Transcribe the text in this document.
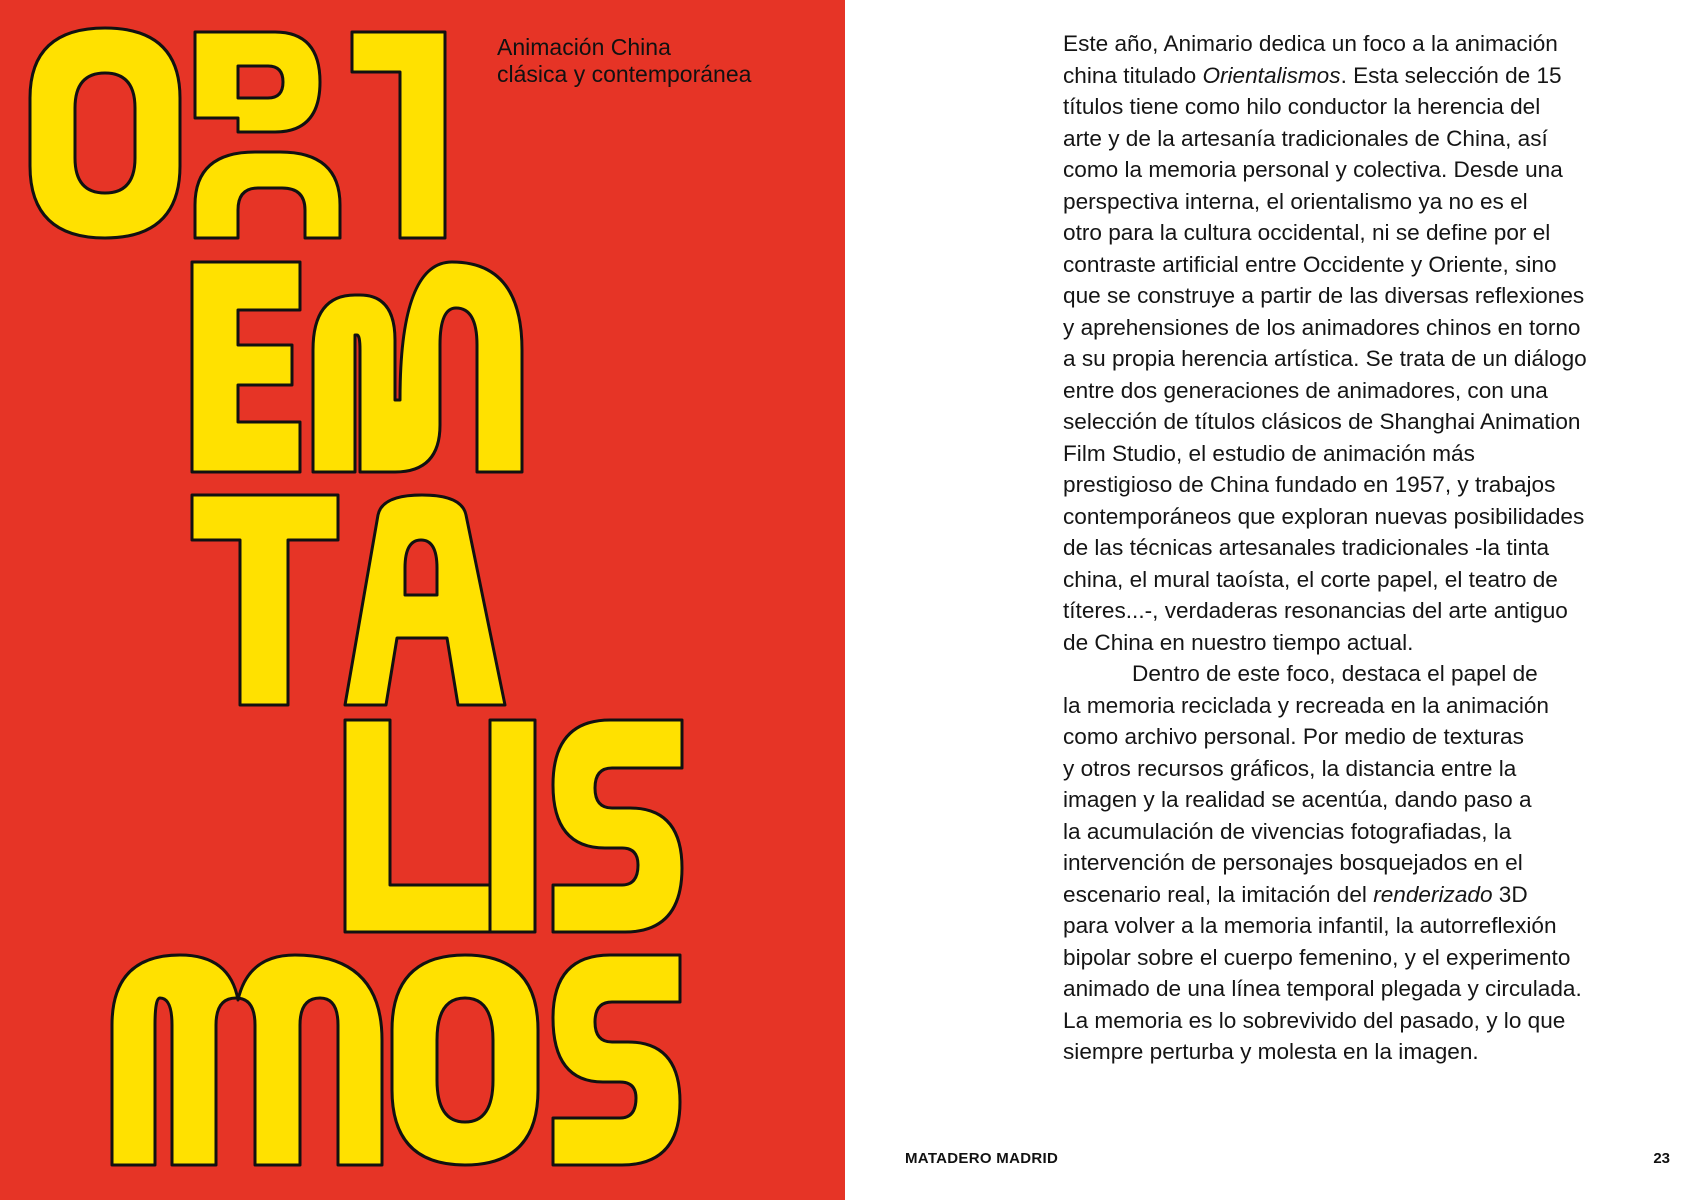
Animación China
clásica y contemporánea

Este año, Animario dedica un foco a la animación
china titulado Orientalismos. Esta selección de 15
títulos tiene como hilo conductor la herencia del
arte y de la artesanía tradicionales de China, así
como la memoria personal y colectiva. Desde una
perspectiva interna, el orientalismo ya no es el
otro para la cultura occidental, ni se define por el
contraste artificial entre Occidente y Oriente, sino
que se construye a partir de las diversas reflexiones
y aprehensiones de los animadores chinos en torno
a su propia herencia artística. Se trata de un diálogo
entre dos generaciones de animadores, con una
selección de títulos clásicos de Shanghai Animation
Film Studio, el estudio de animación más
prestigioso de China fundado en 1957, y trabajos
contemporáneos que exploran nuevas posibilidades
de las técnicas artesanales tradicionales -la tinta
china, el mural taoísta, el corte papel, el teatro de
títeres...-, verdaderas resonancias del arte antiguo
de China en nuestro tiempo actual.
Dentro de este foco, destaca el papel de
la memoria reciclada y recreada en la animación
como archivo personal. Por medio de texturas
y otros recursos gráficos, la distancia entre la
imagen y la realidad se acentúa, dando paso a
la acumulación de vivencias fotografiadas, la
intervención de personajes bosquejados en el
escenario real, la imitación del renderizado 3D
para volver a la memoria infantil, la autorreflexión
bipolar sobre el cuerpo femenino, y el experimento
animado de una línea temporal plegada y circulada.
La memoria es lo sobrevivido del pasado, y lo que
siempre perturba y molesta en la imagen.

MATADERO MADRID	23
